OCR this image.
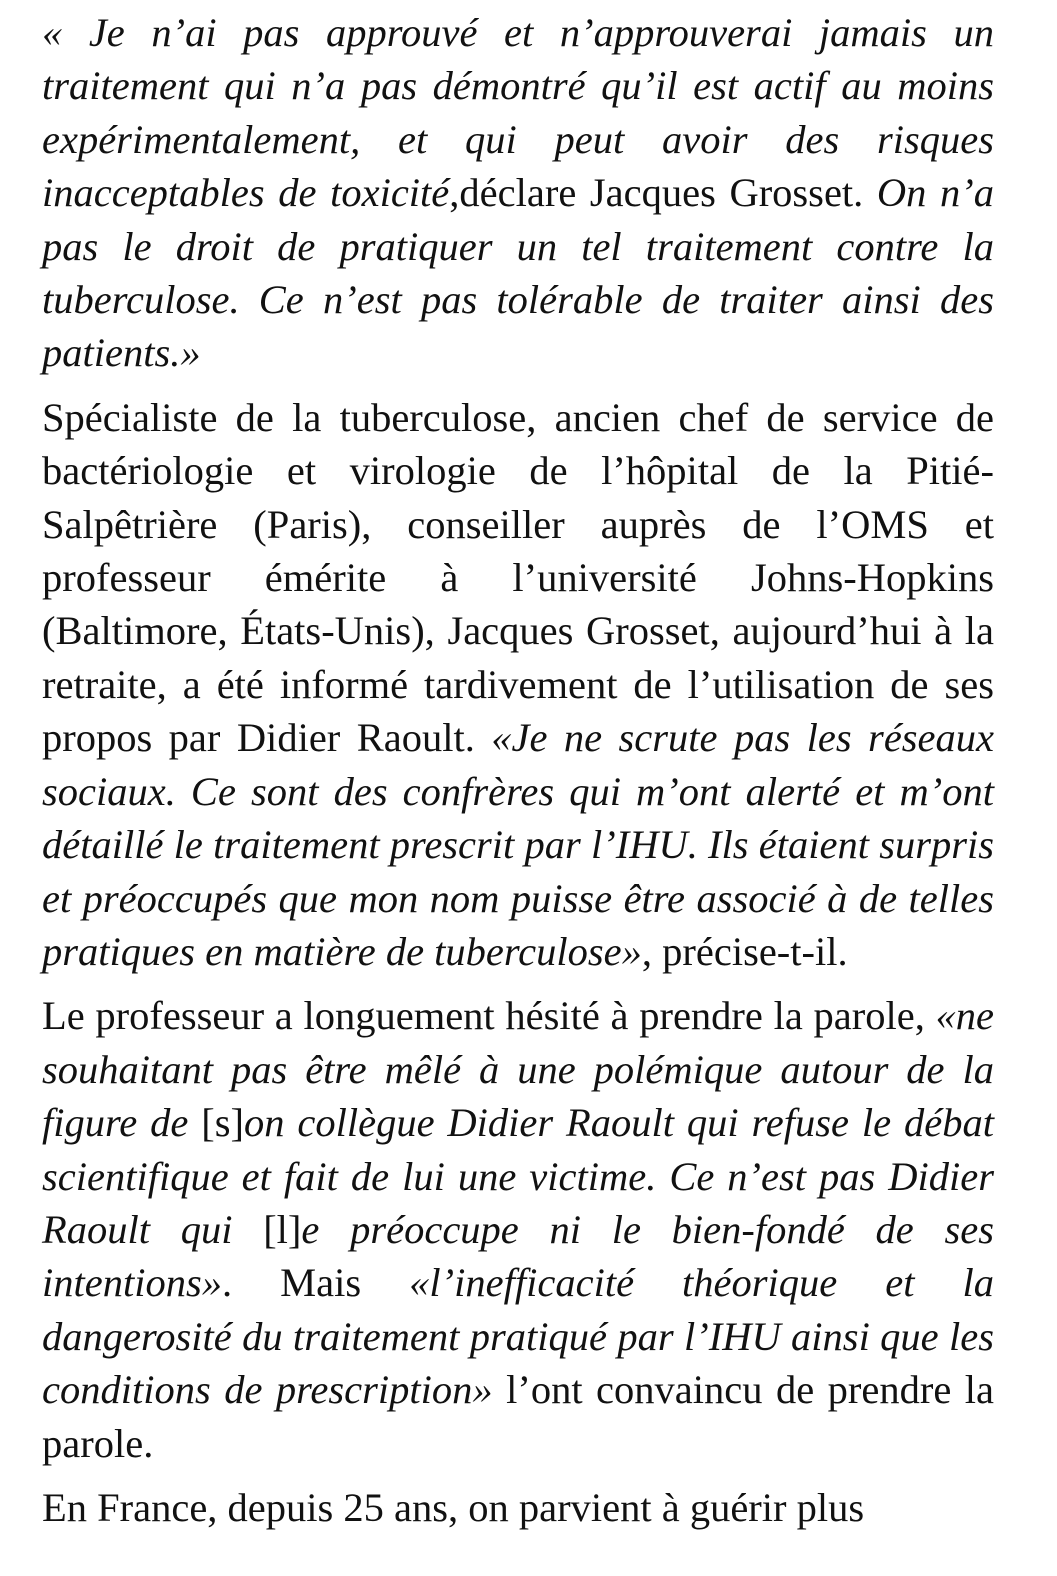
« Je n’ai pas approuvé et n’approuverai jamais un traitement qui n’a pas démontré qu’il est actif au moins expérimentalement, et qui peut avoir des risques inacceptables de toxicité,déclare Jacques Grosset. On n’a pas le droit de pratiquer un tel traitement contre la tuberculose. Ce n’est pas tolérable de traiter ainsi des patients.»

Spécialiste de la tuberculose, ancien chef de service de bactériologie et virologie de l’hôpital de la Pitié-Salpêtrière (Paris), conseiller auprès de l’OMS et professeur émérite à l’université Johns-Hopkins (Baltimore, États-Unis), Jacques Grosset, aujourd’hui à la retraite, a été informé tardivement de l’utilisation de ses propos par Didier Raoult. «Je ne scrute pas les réseaux sociaux. Ce sont des confrères qui m’ont alerté et m’ont détaillé le traitement prescrit par l’IHU. Ils étaient surpris et préoccupés que mon nom puisse être associé à de telles pratiques en matière de tuberculose», précise-t-il.

Le professeur a longuement hésité à prendre la parole, «ne souhaitant pas être mêlé à une polémique autour de la figure de [s]on collègue Didier Raoult qui refuse le débat scientifique et fait de lui une victime. Ce n’est pas Didier Raoult qui [l]e préoccupe ni le bien-fondé de ses intentions». Mais «l’inefficacité théorique et la dangerosité du traitement pratiqué par l’IHU ainsi que les conditions de prescription» l’ont convaincu de prendre la parole.

En France, depuis 25 ans, on parvient à guérir plus
